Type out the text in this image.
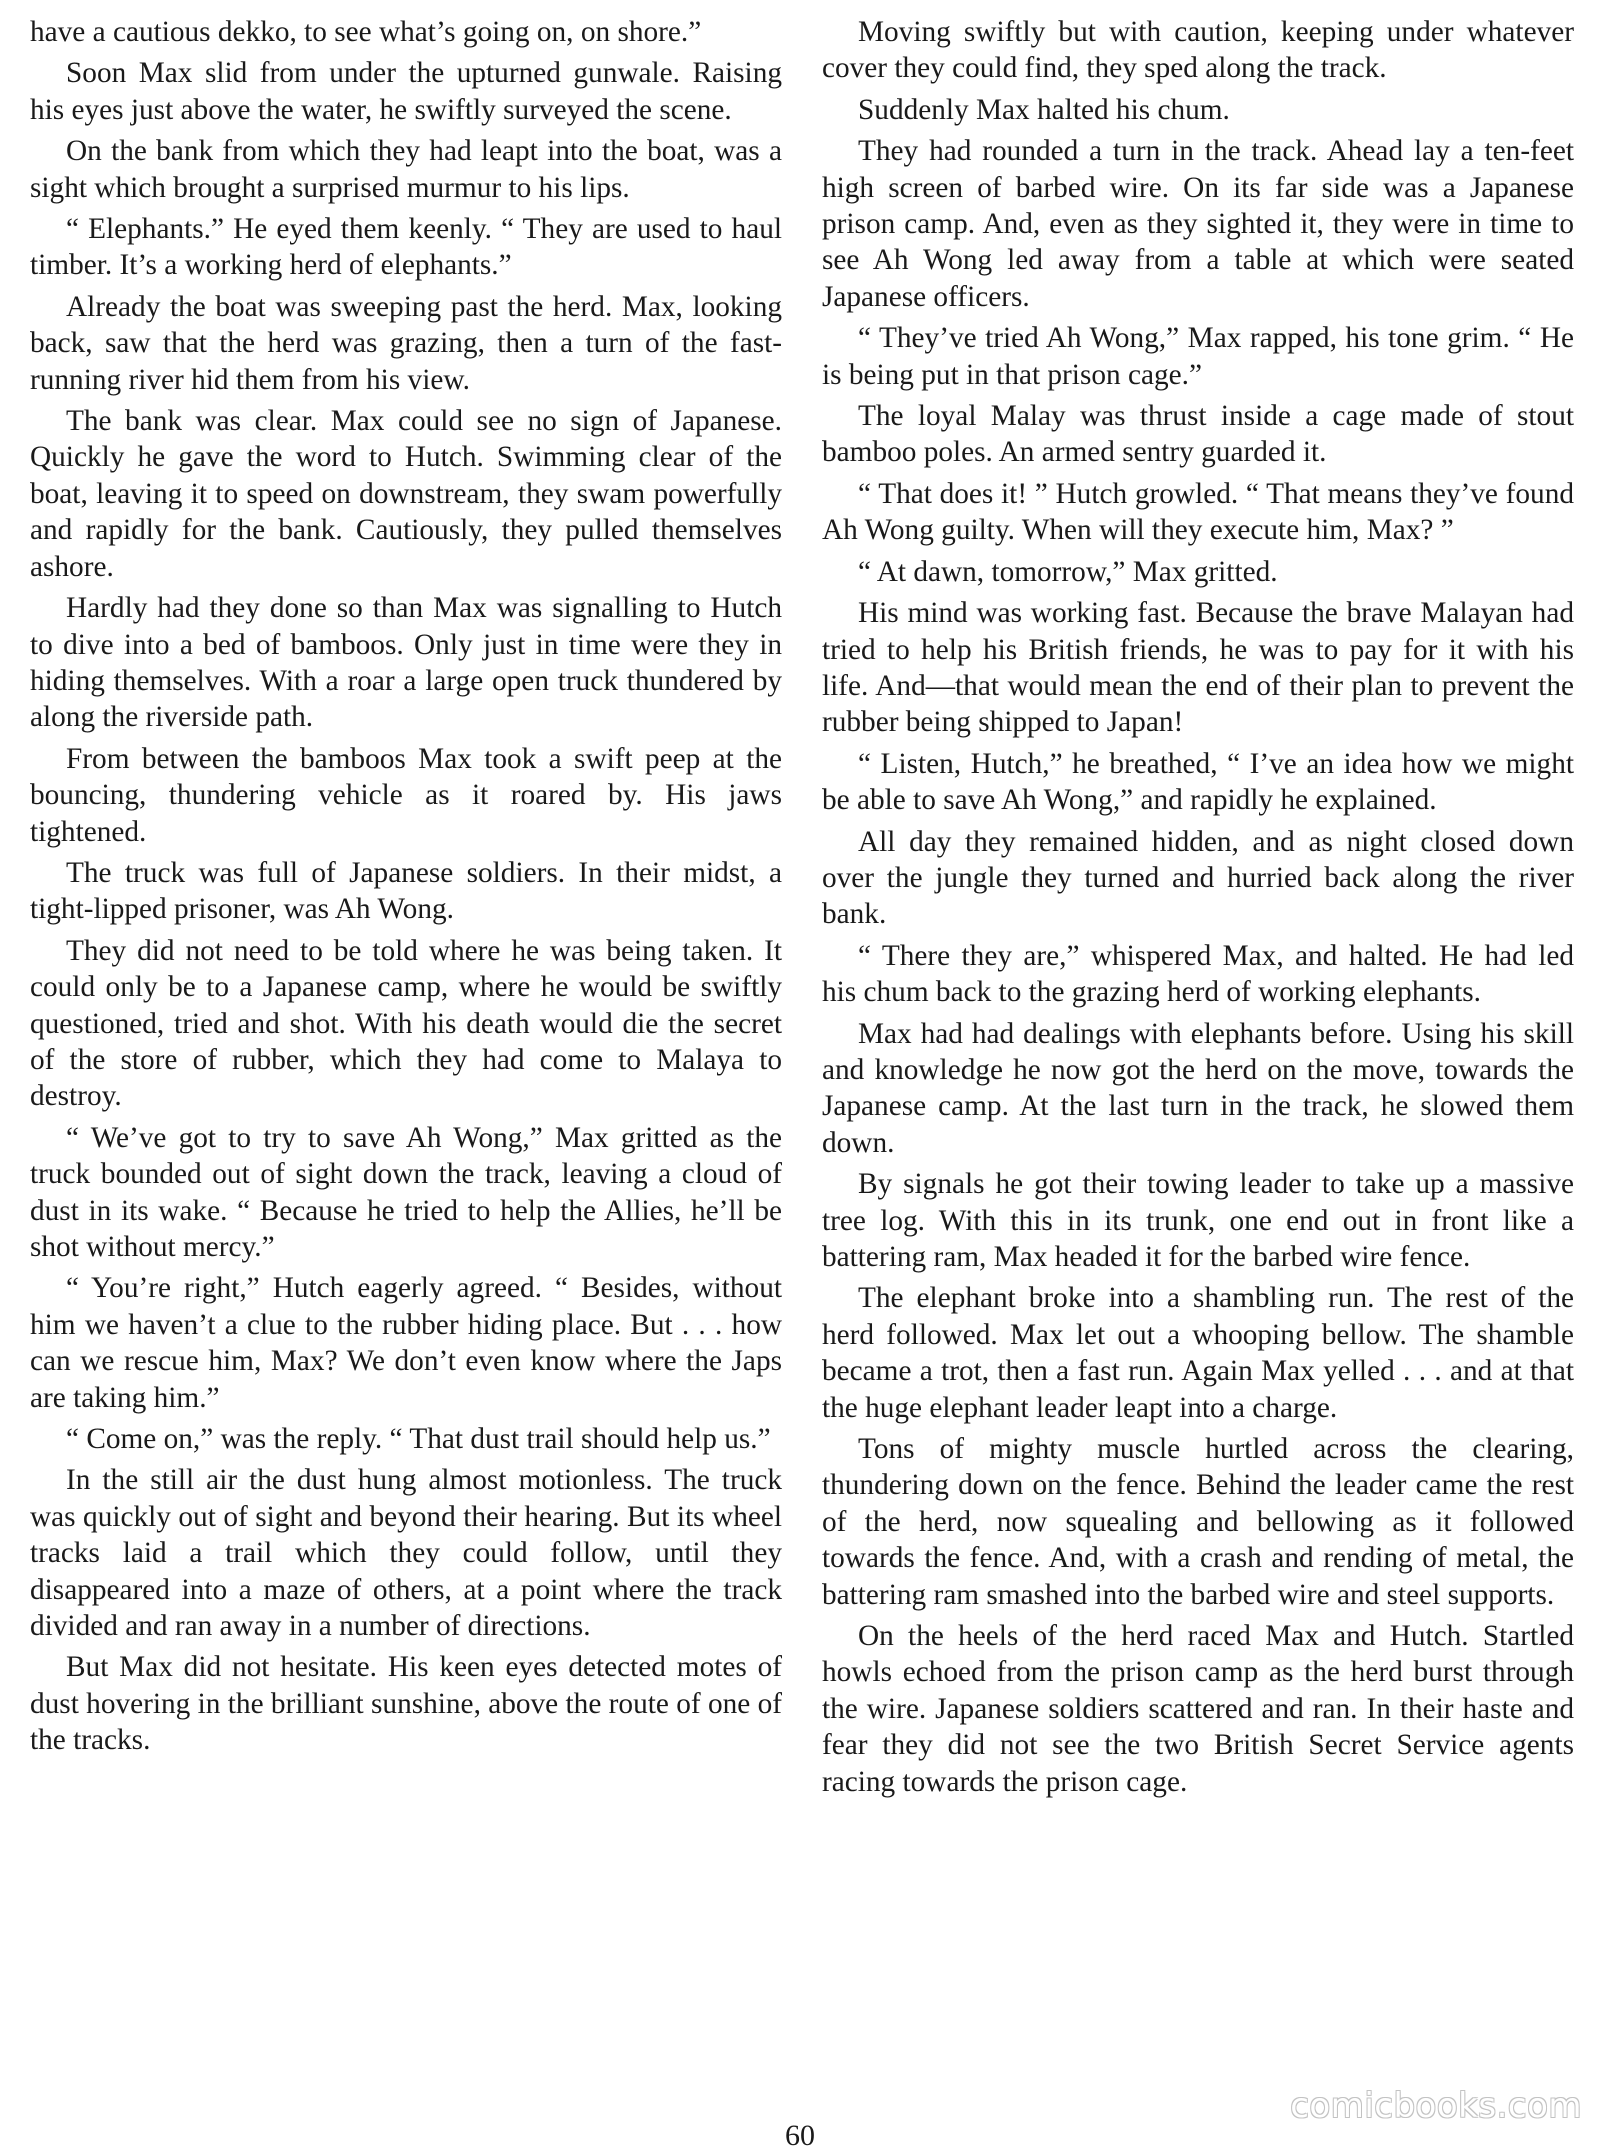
have a cautious dekko, to see what’s going on, on shore.”

Soon Max slid from under the upturned gunwale. Raising his eyes just above the water, he swiftly surveyed the scene.

On the bank from which they had leapt into the boat, was a sight which brought a surprised murmur to his lips.

“ Elephants.” He eyed them keenly. “ They are used to haul timber. It’s a working herd of elephants.”

Already the boat was sweeping past the herd. Max, looking back, saw that the herd was grazing, then a turn of the fast-running river hid them from his view.

The bank was clear. Max could see no sign of Japanese. Quickly he gave the word to Hutch. Swimming clear of the boat, leaving it to speed on downstream, they swam powerfully and rapidly for the bank. Cautiously, they pulled themselves ashore.

Hardly had they done so than Max was signalling to Hutch to dive into a bed of bamboos. Only just in time were they in hiding themselves. With a roar a large open truck thundered by along the riverside path.

From between the bamboos Max took a swift peep at the bouncing, thundering vehicle as it roared by. His jaws tightened.

The truck was full of Japanese soldiers. In their midst, a tight-lipped prisoner, was Ah Wong.

They did not need to be told where he was being taken. It could only be to a Japanese camp, where he would be swiftly questioned, tried and shot. With his death would die the secret of the store of rubber, which they had come to Malaya to destroy.

“ We’ve got to try to save Ah Wong,” Max gritted as the truck bounded out of sight down the track, leaving a cloud of dust in its wake. “ Because he tried to help the Allies, he’ll be shot without mercy.”

“ You’re right,” Hutch eagerly agreed. “ Besides, without him we haven’t a clue to the rubber hiding place. But . . . how can we rescue him, Max? We don’t even know where the Japs are taking him.”

“ Come on,” was the reply. “ That dust trail should help us.”

In the still air the dust hung almost motionless. The truck was quickly out of sight and beyond their hearing. But its wheel tracks laid a trail which they could follow, until they disappeared into a maze of others, at a point where the track divided and ran away in a number of directions.

But Max did not hesitate. His keen eyes detected motes of dust hovering in the brilliant sunshine, above the route of one of the tracks.

Moving swiftly but with caution, keeping under whatever cover they could find, they sped along the track.

Suddenly Max halted his chum.

They had rounded a turn in the track. Ahead lay a ten-feet high screen of barbed wire. On its far side was a Japanese prison camp. And, even as they sighted it, they were in time to see Ah Wong led away from a table at which were seated Japanese officers.

“ They’ve tried Ah Wong,” Max rapped, his tone grim. “ He is being put in that prison cage.”

The loyal Malay was thrust inside a cage made of stout bamboo poles. An armed sentry guarded it.

“ That does it! ” Hutch growled. “ That means they’ve found Ah Wong guilty. When will they execute him, Max? ”

“ At dawn, tomorrow,” Max gritted.

His mind was working fast. Because the brave Malayan had tried to help his British friends, he was to pay for it with his life. And—that would mean the end of their plan to prevent the rubber being shipped to Japan!

“ Listen, Hutch,” he breathed, “ I’ve an idea how we might be able to save Ah Wong,” and rapidly he explained.

All day they remained hidden, and as night closed down over the jungle they turned and hurried back along the river bank.

“ There they are,” whispered Max, and halted. He had led his chum back to the grazing herd of working elephants.

Max had had dealings with elephants before. Using his skill and knowledge he now got the herd on the move, towards the Japanese camp. At the last turn in the track, he slowed them down.

By signals he got their towing leader to take up a massive tree log. With this in its trunk, one end out in front like a battering ram, Max headed it for the barbed wire fence.

The elephant broke into a shambling run. The rest of the herd followed. Max let out a whooping bellow. The shamble became a trot, then a fast run. Again Max yelled . . . and at that the huge elephant leader leapt into a charge.

Tons of mighty muscle hurtled across the clearing, thundering down on the fence. Behind the leader came the rest of the herd, now squealing and bellowing as it followed towards the fence. And, with a crash and rending of metal, the battering ram smashed into the barbed wire and steel supports.

On the heels of the herd raced Max and Hutch. Startled howls echoed from the prison camp as the herd burst through the wire. Japanese soldiers scattered and ran. In their haste and fear they did not see the two British Secret Service agents racing towards the prison cage.

60
comicbooks.com
